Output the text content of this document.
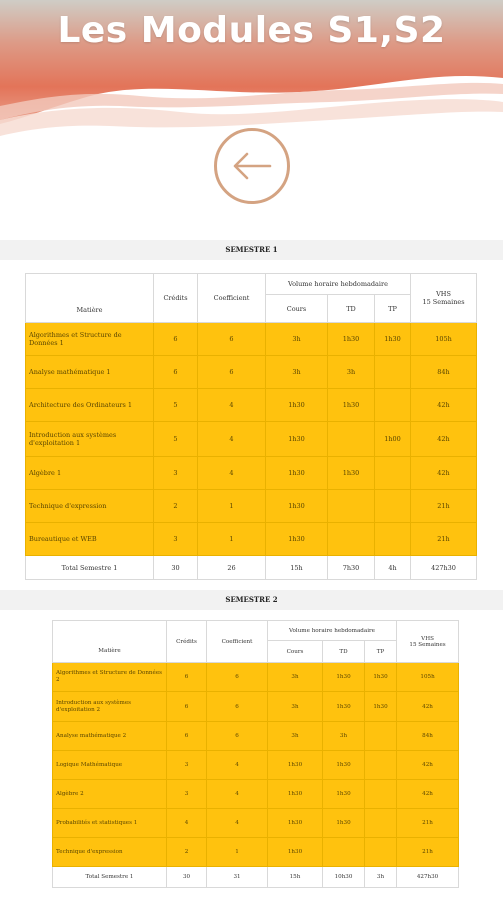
Les Modules S1,S2
SEMESTRE 1
Matière	Crédits	Coefficient	Volume horaire hebdomadaire			VHS
15 Semaines

			Cours	TD	TP	
Algorithmes et Structure de Données 1	6	6	3h	1h30	1h30	105h
Analyse mathématique 1	6	6	3h	3h		84h
Architecture des Ordinateurs 1	5	4	1h30	1h30		42h
Introduction aux systèmes d'exploitation 1	5	4	1h30		1h00	42h
Algèbre 1	3	4	1h30	1h30		42h
Technique d'expression	2	1	1h30			21h
Bureautique et WEB	3	1	1h30			21h
Total Semestre 1	30	26	15h	7h30	4h	427h30
SEMESTRE 2
Matière	Crédits	Coefficient	Volume horaire hebdomadaire			VHS
15 Semaines

			Cours	TD	TP	
Algorithmes et Structure de Données 2	6	6	3h	1h30	1h30	105h
Introduction aux systèmes d'exploitation 2	6	6	3h	1h30	1h30	42h
Analyse mathématique 2	6	6	3h	3h		84h
Logique Mathématique	3	4	1h30	1h30		42h
Algèbre 2	3	4	1h30	1h30		42h
Probabilités et statistiques 1	4	4	1h30	1h30		21h
Technique d'expression	2	1	1h30			21h
Total Semestre 1	30	31	15h	10h30	3h	427h30
